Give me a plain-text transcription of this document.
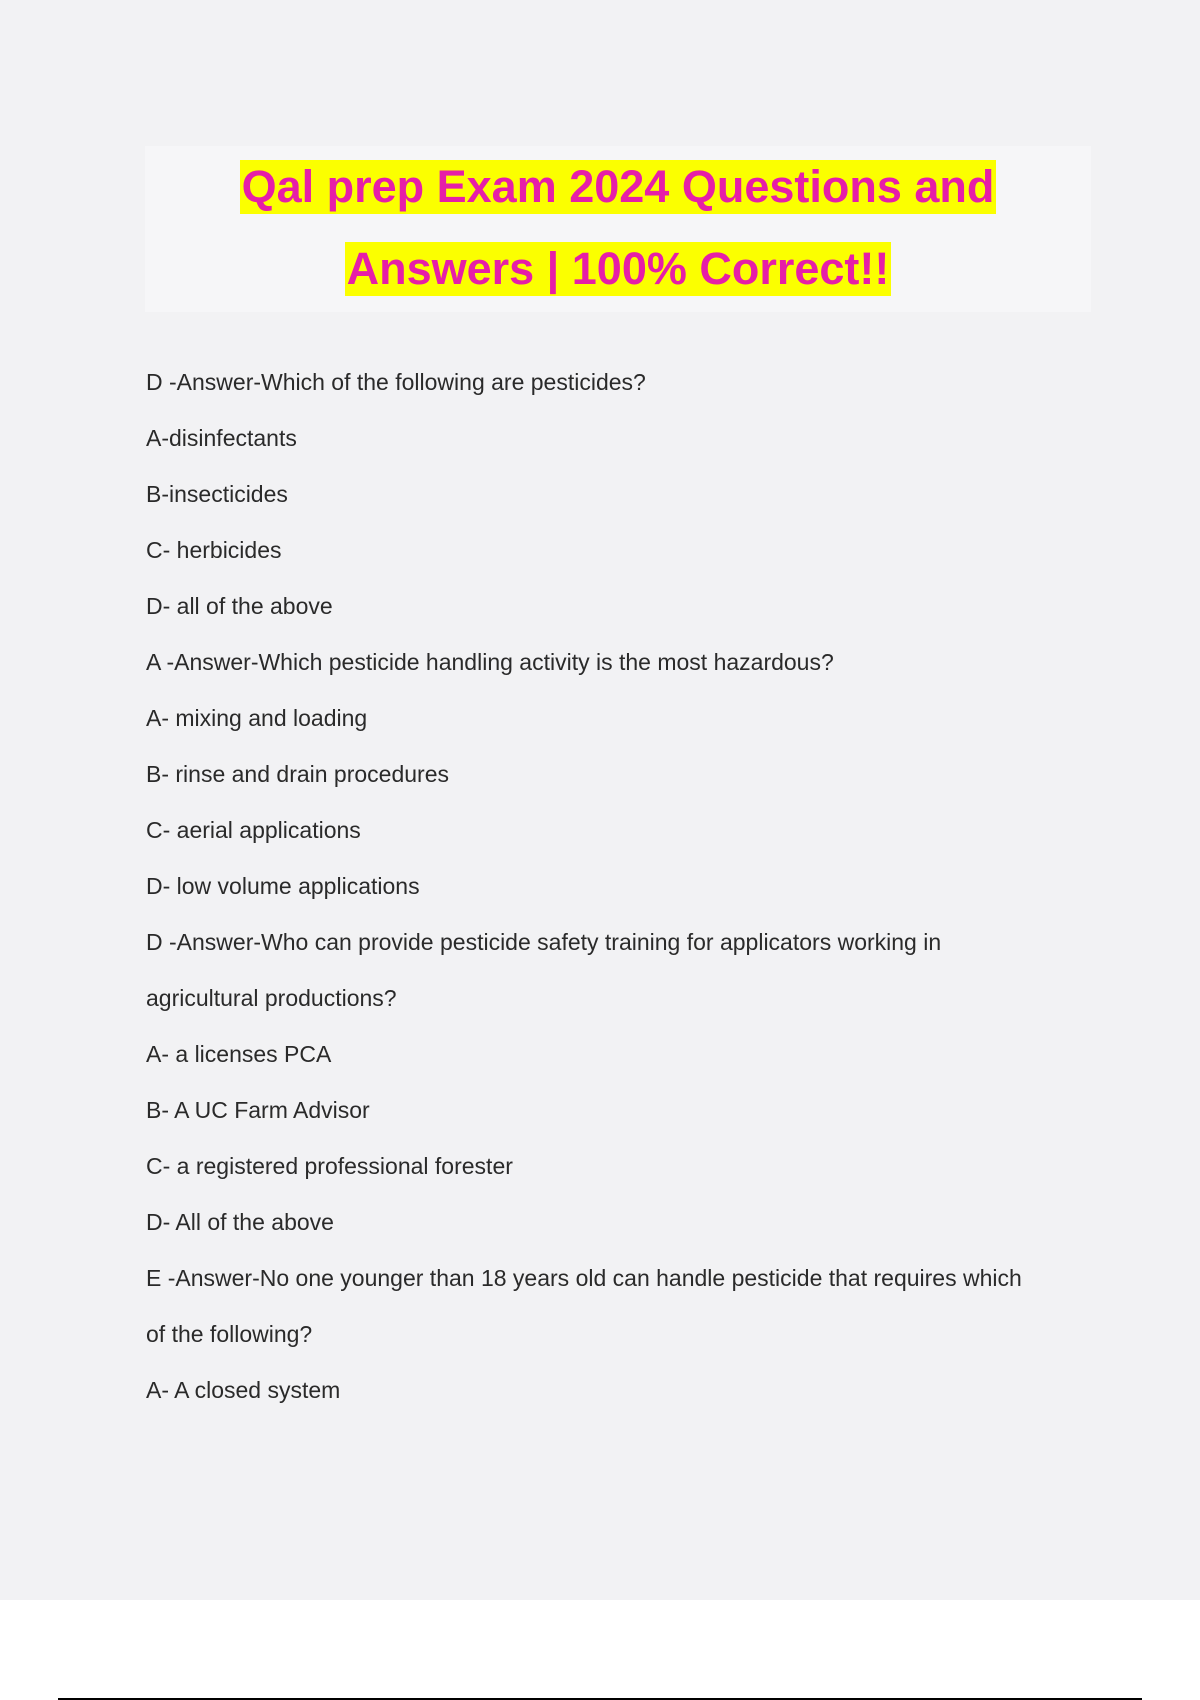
Qal prep Exam 2024 Questions and
Answers | 100% Correct!!
D -Answer-Which of the following are pesticides?
A-disinfectants
B-insecticides
C- herbicides
D- all of the above
A -Answer-Which pesticide handling activity is the most hazardous?
A- mixing and loading
B- rinse and drain procedures
C- aerial applications
D- low volume applications
D -Answer-Who can provide pesticide safety training for applicators working in
agricultural productions?
A- a licenses PCA
B- A UC Farm Advisor
C- a registered professional forester
D- All of the above
E -Answer-No one younger than 18 years old can handle pesticide that requires which
of the following?
A- A closed system
